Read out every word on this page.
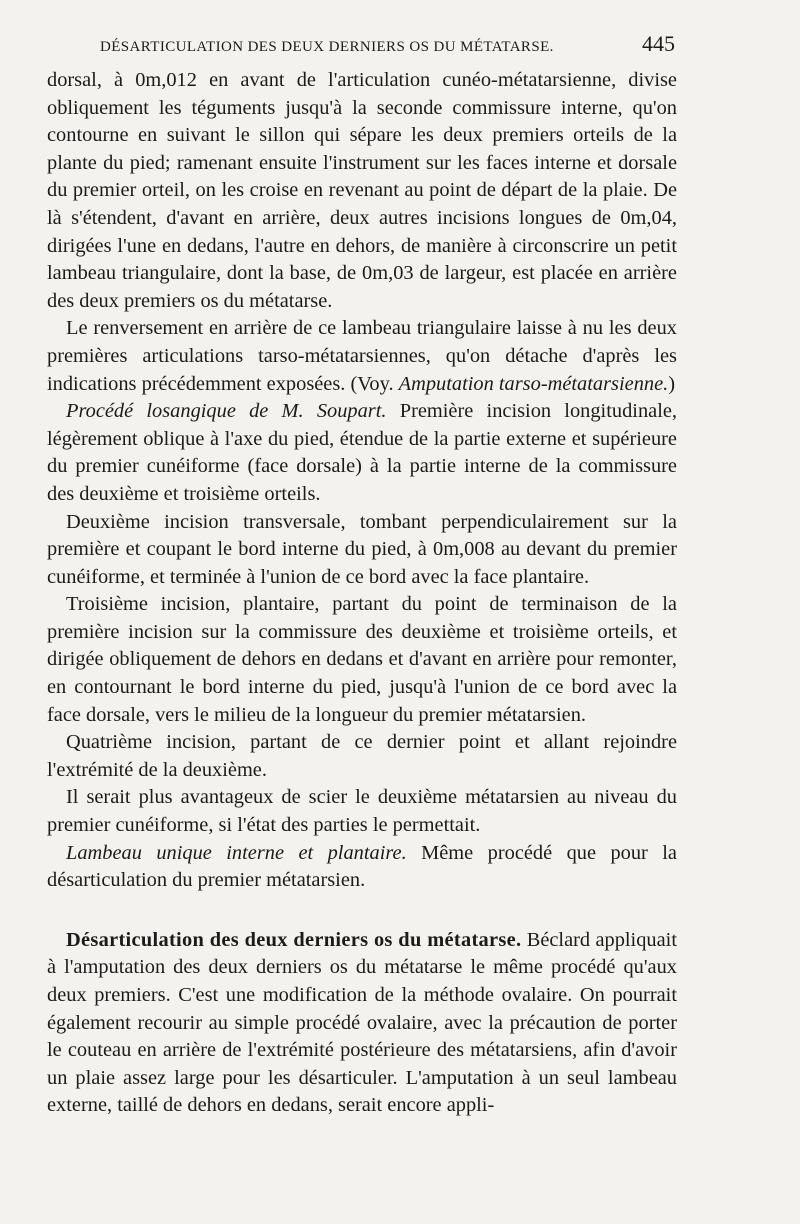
DÉSARTICULATION DES DEUX DERNIERS OS DU MÉTATARSE.	445

dorsal, à 0m,012 en avant de l'articulation cunéo-métatarsienne, divise obliquement les téguments jusqu'à la seconde commissure interne, qu'on contourne en suivant le sillon qui sépare les deux premiers orteils de la plante du pied; ramenant ensuite l'instrument sur les faces interne et dorsale du premier orteil, on les croise en revenant au point de départ de la plaie. De là s'étendent, d'avant en arrière, deux autres incisions longues de 0m,04, dirigées l'une en dedans, l'autre en dehors, de manière à circonscrire un petit lambeau triangulaire, dont la base, de 0m,03 de largeur, est placée en arrière des deux premiers os du métatarse.

Le renversement en arrière de ce lambeau triangulaire laisse à nu les deux premières articulations tarso-métatarsiennes, qu'on détache d'après les indications précédemment exposées. (Voy. Amputation tarso-métatarsienne.)

Procédé losangique de M. Soupart. Première incision longitudinale, légèrement oblique à l'axe du pied, étendue de la partie externe et supérieure du premier cunéiforme (face dorsale) à la partie interne de la commissure des deuxième et troisième orteils.

Deuxième incision transversale, tombant perpendiculairement sur la première et coupant le bord interne du pied, à 0m,008 au devant du premier cunéiforme, et terminée à l'union de ce bord avec la face plantaire.

Troisième incision, plantaire, partant du point de terminaison de la première incision sur la commissure des deuxième et troisième orteils, et dirigée obliquement de dehors en dedans et d'avant en arrière pour remonter, en contournant le bord interne du pied, jusqu'à l'union de ce bord avec la face dorsale, vers le milieu de la longueur du premier métatarsien.

Quatrième incision, partant de ce dernier point et allant rejoindre l'extrémité de la deuxième.

Il serait plus avantageux de scier le deuxième métatarsien au niveau du premier cunéiforme, si l'état des parties le permettait.

Lambeau unique interne et plantaire. Même procédé que pour la désarticulation du premier métatarsien.

Désarticulation des deux derniers os du métatarse. Béclard appliquait à l'amputation des deux derniers os du métatarse le même procédé qu'aux deux premiers. C'est une modification de la méthode ovalaire. On pourrait également recourir au simple procédé ovalaire, avec la précaution de porter le couteau en arrière de l'extrémité postérieure des métatarsiens, afin d'avoir un plaie assez large pour les désarticuler. L'amputation à un seul lambeau externe, taillé de dehors en dedans, serait encore appli-
